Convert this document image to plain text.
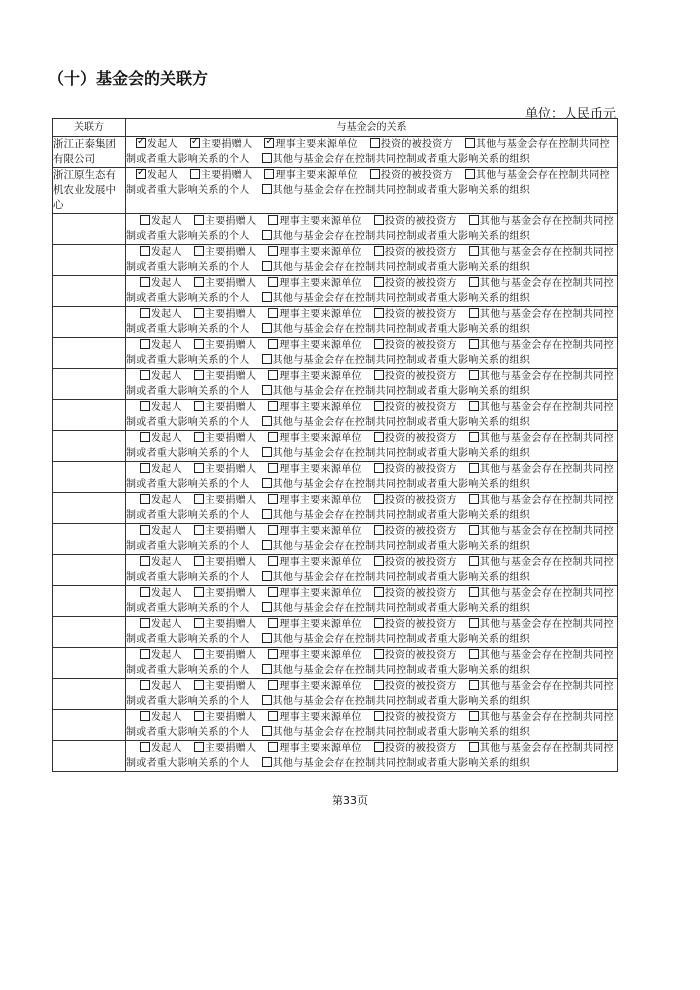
（十）基金会的关联方
单位：人民币元
关联方	与基金会的关系
浙江正泰集团有限公司	
✓发起人 ✓ 主要捐赠人 ✓ 理事主要来源单位 投资的被投资方 其他与基金会存在控制共同控
制或者重大影响关系的个人 其他与基金会存在控制共同控制或者重大影响关系的组织

浙江原生态有机农业发展中心	
✓发起人 主要捐赠人 理事主要来源单位 投资的被投资方 其他与基金会存在控制共同控
制或者重大影响关系的个人 其他与基金会存在控制共同控制或者重大影响关系的组织

	发起人 主要捐赠人 理事主要来源单位 投资的被投资方 其他与基金会存在控制共同控
制或者重大影响关系的个人 其他与基金会存在控制共同控制或者重大影响关系的组织

	发起人 主要捐赠人 理事主要来源单位 投资的被投资方 其他与基金会存在控制共同控
制或者重大影响关系的个人 其他与基金会存在控制共同控制或者重大影响关系的组织

	发起人 主要捐赠人 理事主要来源单位 投资的被投资方 其他与基金会存在控制共同控
制或者重大影响关系的个人 其他与基金会存在控制共同控制或者重大影响关系的组织

	发起人 主要捐赠人 理事主要来源单位 投资的被投资方 其他与基金会存在控制共同控
制或者重大影响关系的个人 其他与基金会存在控制共同控制或者重大影响关系的组织

	发起人 主要捐赠人 理事主要来源单位 投资的被投资方 其他与基金会存在控制共同控
制或者重大影响关系的个人 其他与基金会存在控制共同控制或者重大影响关系的组织

	发起人 主要捐赠人 理事主要来源单位 投资的被投资方 其他与基金会存在控制共同控
制或者重大影响关系的个人 其他与基金会存在控制共同控制或者重大影响关系的组织

	发起人 主要捐赠人 理事主要来源单位 投资的被投资方 其他与基金会存在控制共同控
制或者重大影响关系的个人 其他与基金会存在控制共同控制或者重大影响关系的组织

	发起人 主要捐赠人 理事主要来源单位 投资的被投资方 其他与基金会存在控制共同控
制或者重大影响关系的个人 其他与基金会存在控制共同控制或者重大影响关系的组织

	发起人 主要捐赠人 理事主要来源单位 投资的被投资方 其他与基金会存在控制共同控
制或者重大影响关系的个人 其他与基金会存在控制共同控制或者重大影响关系的组织

	发起人 主要捐赠人 理事主要来源单位 投资的被投资方 其他与基金会存在控制共同控
制或者重大影响关系的个人 其他与基金会存在控制共同控制或者重大影响关系的组织

	发起人 主要捐赠人 理事主要来源单位 投资的被投资方 其他与基金会存在控制共同控
制或者重大影响关系的个人 其他与基金会存在控制共同控制或者重大影响关系的组织

	发起人 主要捐赠人 理事主要来源单位 投资的被投资方 其他与基金会存在控制共同控
制或者重大影响关系的个人 其他与基金会存在控制共同控制或者重大影响关系的组织

	发起人 主要捐赠人 理事主要来源单位 投资的被投资方 其他与基金会存在控制共同控
制或者重大影响关系的个人 其他与基金会存在控制共同控制或者重大影响关系的组织

	发起人 主要捐赠人 理事主要来源单位 投资的被投资方 其他与基金会存在控制共同控
制或者重大影响关系的个人 其他与基金会存在控制共同控制或者重大影响关系的组织

	发起人 主要捐赠人 理事主要来源单位 投资的被投资方 其他与基金会存在控制共同控
制或者重大影响关系的个人 其他与基金会存在控制共同控制或者重大影响关系的组织

	发起人 主要捐赠人 理事主要来源单位 投资的被投资方 其他与基金会存在控制共同控
制或者重大影响关系的个人 其他与基金会存在控制共同控制或者重大影响关系的组织

	发起人 主要捐赠人 理事主要来源单位 投资的被投资方 其他与基金会存在控制共同控
制或者重大影响关系的个人 其他与基金会存在控制共同控制或者重大影响关系的组织

	发起人 主要捐赠人 理事主要来源单位 投资的被投资方 其他与基金会存在控制共同控
制或者重大影响关系的个人 其他与基金会存在控制共同控制或者重大影响关系的组织
第33页
